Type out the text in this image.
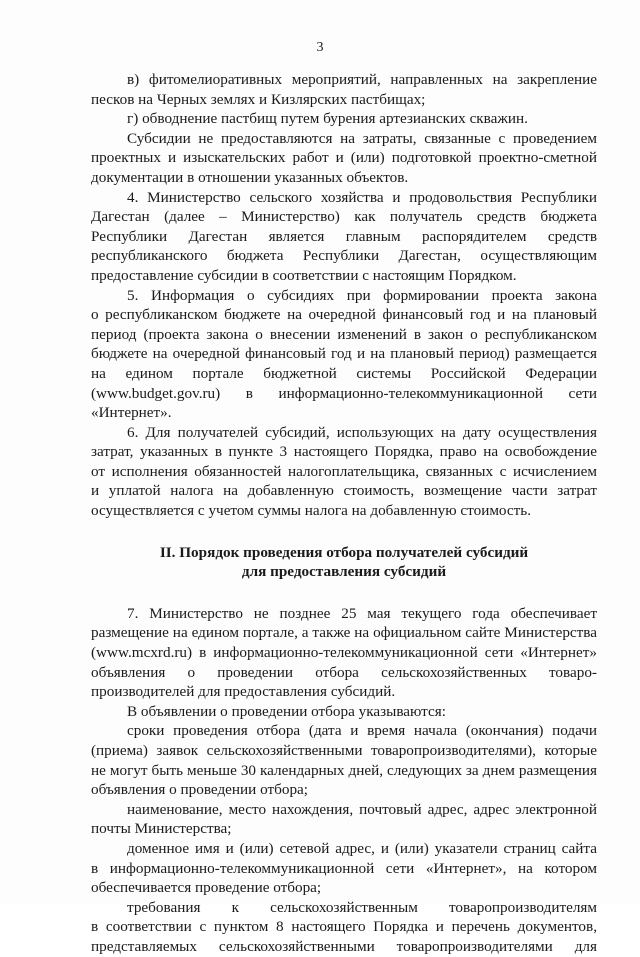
3
в) фитомелиоративных мероприятий, направленных на закрепление
песков на Черных землях и Кизлярских пастбищах;
г) обводнение пастбищ путем бурения артезианских скважин.
Субсидии не предоставляются на затраты, связанные с проведением
проектных и изыскательских работ и (или) подготовкой проектно-сметной
документации в отношении указанных объектов.
4. Министерство сельского хозяйства и продовольствия Республики
Дагестан (далее – Министерство) как получатель средств бюджета
Республики Дагестан является главным распорядителем средств
республиканского бюджета Республики Дагестан, осуществляющим
предоставление субсидии в соответствии с настоящим Порядком.
5. Информация о субсидиях при формировании проекта закона
о республиканском бюджете на очередной финансовый год и на плановый
период (проекта закона о внесении изменений в закон о республиканском
бюджете на очередной финансовый год и на плановый период) размещается
на едином портале бюджетной системы Российской Федерации
(www.budget.gov.ru) в информационно-телекоммуникационной сети
«Интернет».
6. Для получателей субсидий, использующих на дату осуществления
затрат, указанных в пункте 3 настоящего Порядка, право на освобождение
от исполнения обязанностей налогоплательщика, связанных с исчислением
и уплатой налога на добавленную стоимость, возмещение части затрат
осуществляется с учетом суммы налога на добавленную стоимость.
II. Порядок проведения отбора получателей субсидий
для предоставления субсидий
7. Министерство не позднее 25 мая текущего года обеспечивает
размещение на едином портале, а также на официальном сайте Министерства
(www.mcxrd.ru) в информационно-телекоммуникационной сети «Интернет»
объявления о проведении отбора сельскохозяйственных товаро-
производителей для предоставления субсидий.
В объявлении о проведении отбора указываются:
сроки проведения отбора (дата и время начала (окончания) подачи
(приема) заявок сельскохозяйственными товаропроизводителями), которые
не могут быть меньше 30 календарных дней, следующих за днем размещения
объявления о проведении отбора;
наименование, место нахождения, почтовый адрес, адрес электронной
почты Министерства;
доменное имя и (или) сетевой адрес, и (или) указатели страниц сайта
в информационно-телекоммуникационной сети «Интернет», на котором
обеспечивается проведение отбора;
требования к сельскохозяйственным товаропроизводителям
в соответствии с пунктом 8 настоящего Порядка и перечень документов,
представляемых сельскохозяйственными товаропроизводителями для
